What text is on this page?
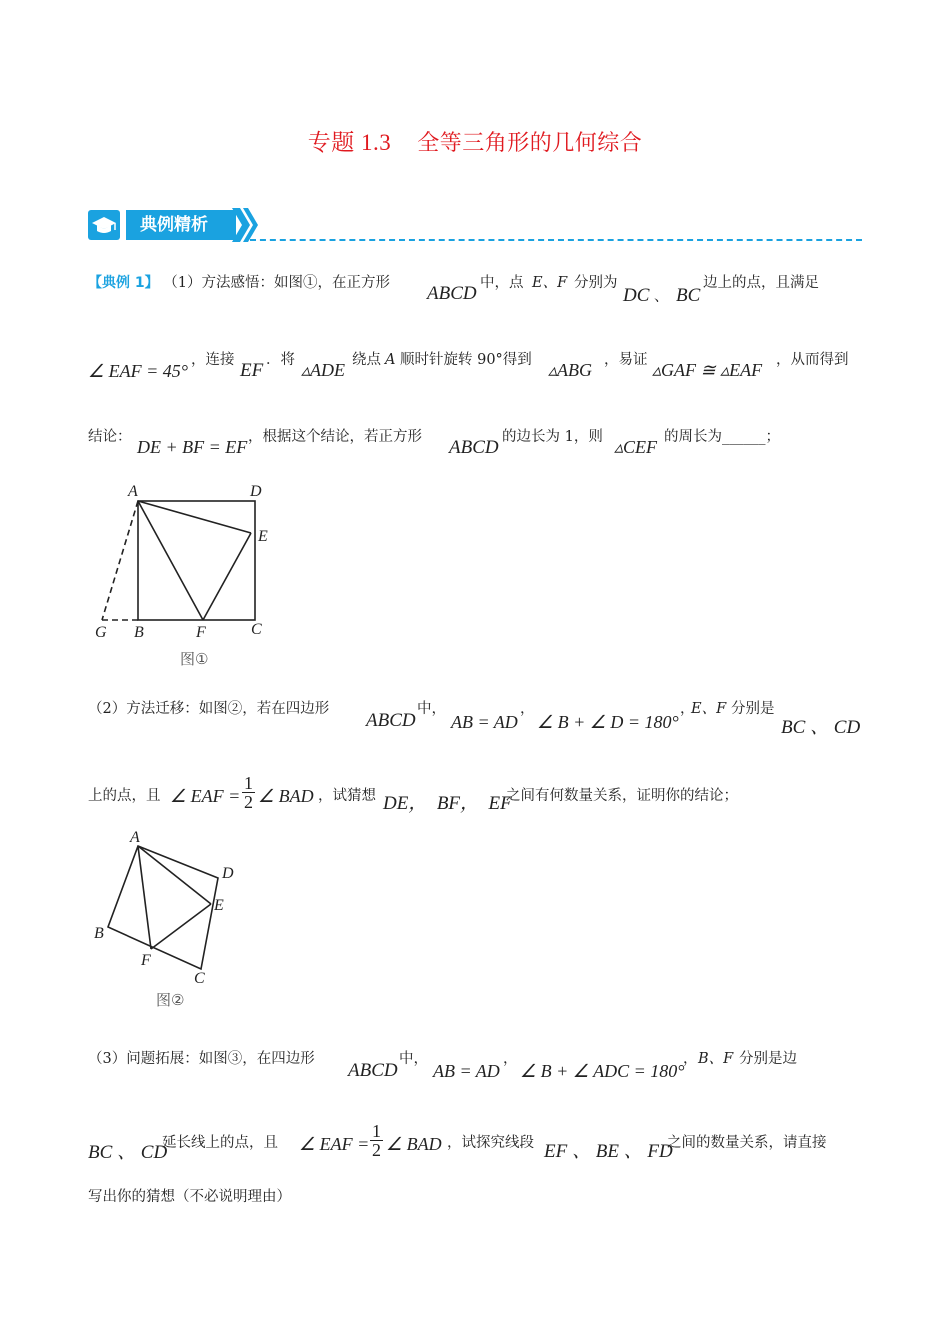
专题 1.3 全等三角形的几何综合
典例精析
【典例 1】 （1）方法感悟：如图①，在正方形 ABCD 中，点 E、F 分别为
DC 、 BC
边上的点，且满足
∠ EAF = 45°
，连接 EF ．将 ▵ADE 绕点 A 顺时针旋转 90°得到 ▵ABG ，易证 ▵GAF ≅ ▵EAF ，从而得到
结论： DE + BF = EF ，根据这个结论，若正方形 ABCD 的边长为 1，则 ▵CEF 的周长为______；
A	D
E
G B	F	C
图①
（2）方法迁移：如图②，若在四边形
ABCD
中，
AB = AD
，
∠ B + ∠ D = 180°
，
E、F 分别是
BC 、 CD
上的点，且 ∠ EAF = $\frac{1}{2}$ ∠ BAD ，试猜想 DE，  BF，  EF
之间有何数量关系，证明你的结论；
A
D
E
B
F
C
图②
（3）问题拓展：如图③，在四边形
ABCD
中，
AB = AD
，
∠ B + ∠ ADC = 180°
， B、F 分别是边
BC 、 CD
延长线上的点，且 ∠ EAF = $\frac{1}{2}$ ∠ BAD ，试探究线段 EF 、 BE 、 FD
之间的数量关系，请直接
写出你的猜想（不必说明理由）
